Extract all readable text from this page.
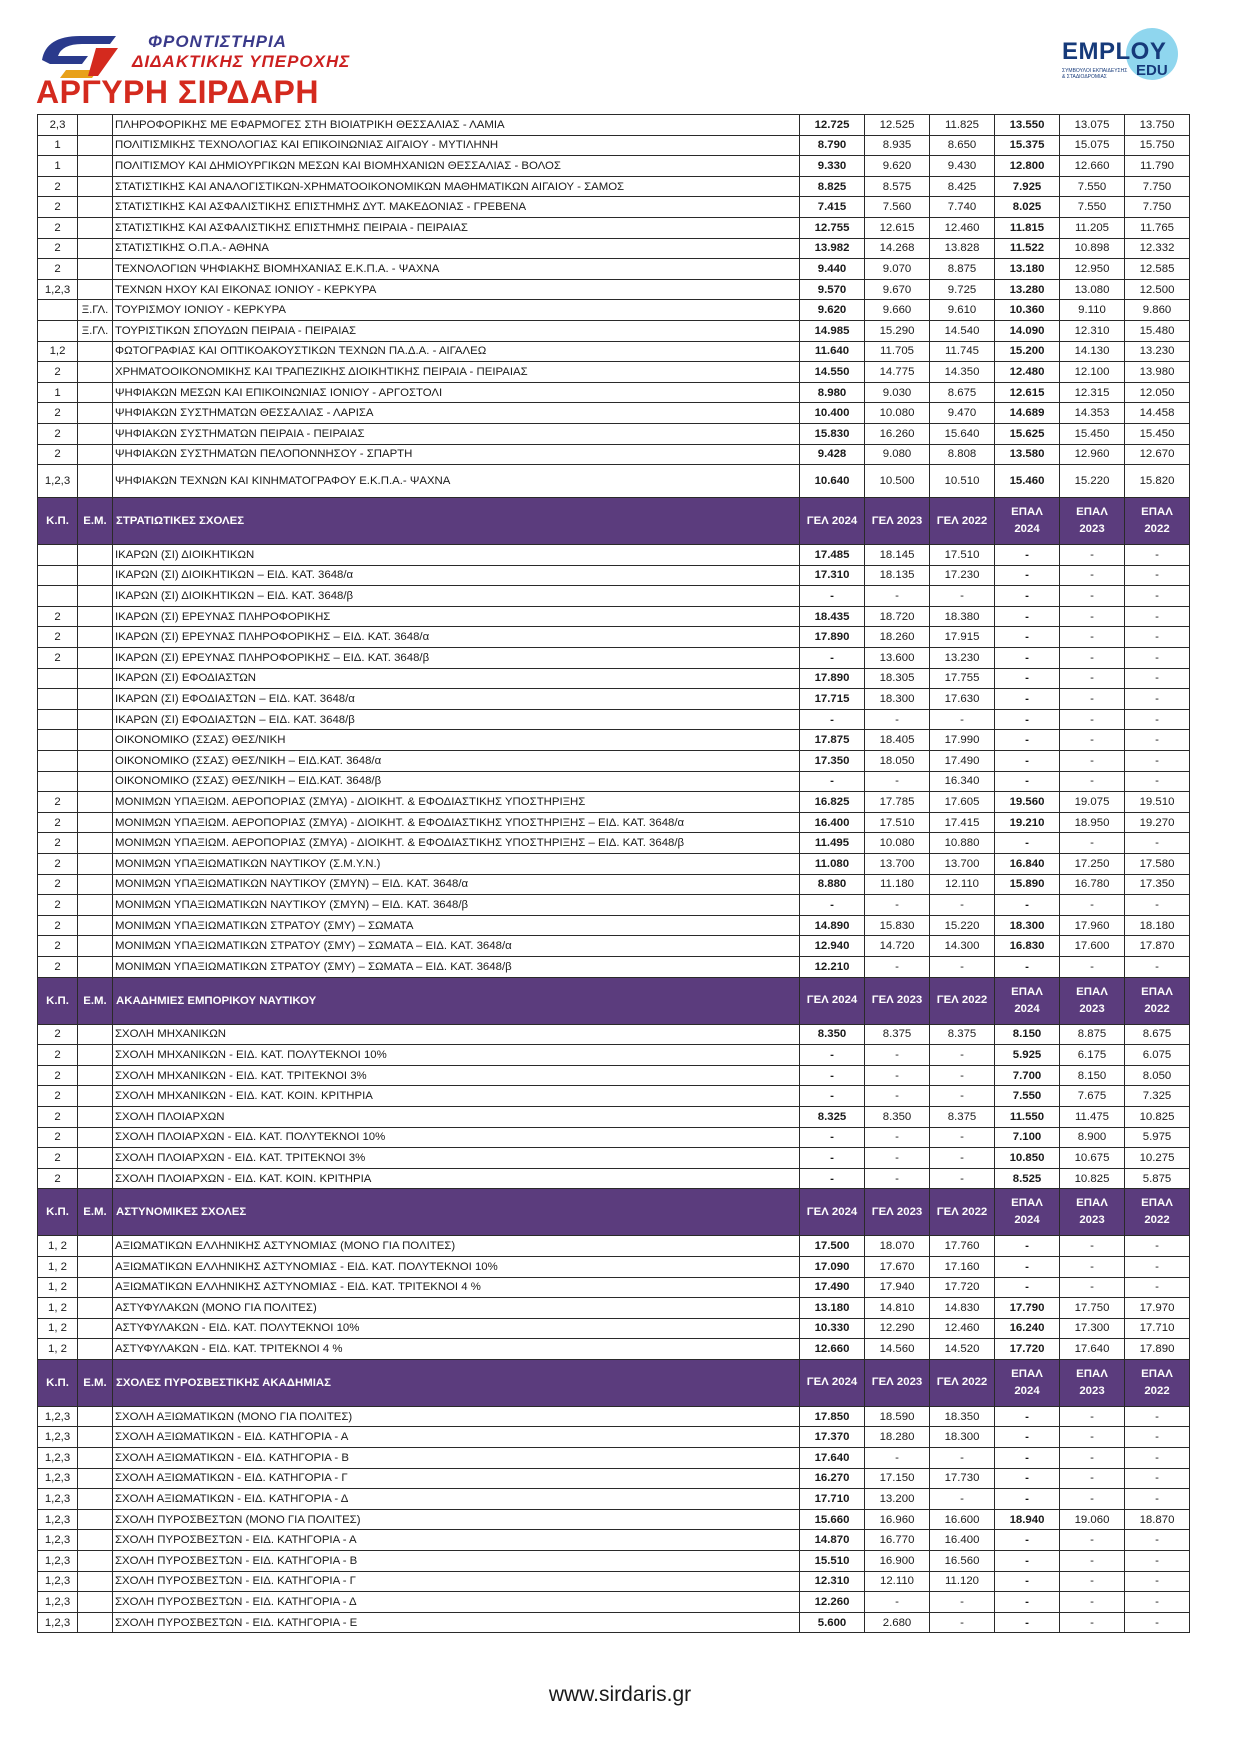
ΦΡΟΝΤΙΣΤΗΡΙΑ
ΔΙΔΑΚΤΙΚΗΣ ΥΠΕΡΟΧΗΣ
ΑΡΓΥΡΗ ΣΙΡΔΑΡΗ
EMPLOY
EDU
ΣΥΜΒΟΥΛΟΙ ΕΚΠΑΙΔΕΥΣΗΣ & ΣΤΑΔΙΟΔΡΟΜΙΑΣ
2,3		ΠΛΗΡΟΦΟΡΙΚΗΣ ΜΕ ΕΦΑΡΜΟΓΕΣ ΣΤΗ ΒΙΟΙΑΤΡΙΚΗ ΘΕΣΣΑΛΙΑΣ - ΛΑΜΙΑ	12.725	12.525	11.825	13.550	13.075	13.750
1		ΠΟΛΙΤΙΣΜΙΚΗΣ ΤΕΧΝΟΛΟΓΙΑΣ ΚΑΙ ΕΠΙΚΟΙΝΩΝΙΑΣ ΑΙΓΑΙΟΥ - ΜΥΤΙΛΗΝΗ	8.790	8.935	8.650	15.375	15.075	15.750
1		ΠΟΛΙΤΙΣΜΟΥ ΚΑΙ ΔΗΜΙΟΥΡΓΙΚΩΝ ΜΕΣΩΝ ΚΑΙ ΒΙΟΜΗΧΑΝΙΩΝ ΘΕΣΣΑΛΙΑΣ - ΒΟΛΟΣ	9.330	9.620	9.430	12.800	12.660	11.790
2		ΣΤΑΤΙΣΤΙΚΗΣ ΚΑΙ ΑΝΑΛΟΓΙΣΤΙΚΩΝ-ΧΡΗΜΑΤΟΟΙΚΟΝΟΜΙΚΩΝ ΜΑΘΗΜΑΤΙΚΩΝ ΑΙΓΑΙΟΥ - ΣΑΜΟΣ	8.825	8.575	8.425	7.925	7.550	7.750
2		ΣΤΑΤΙΣΤΙΚΗΣ ΚΑΙ ΑΣΦΑΛΙΣΤΙΚΗΣ ΕΠΙΣΤΗΜΗΣ ΔΥΤ. ΜΑΚΕΔΟΝΙΑΣ - ΓΡΕΒΕΝΑ	7.415	7.560	7.740	8.025	7.550	7.750
2		ΣΤΑΤΙΣΤΙΚΗΣ ΚΑΙ ΑΣΦΑΛΙΣΤΙΚΗΣ ΕΠΙΣΤΗΜΗΣ ΠΕΙΡΑΙΑ - ΠΕΙΡΑΙΑΣ	12.755	12.615	12.460	11.815	11.205	11.765
2		ΣΤΑΤΙΣΤΙΚΗΣ Ο.Π.Α.- ΑΘΗΝΑ	13.982	14.268	13.828	11.522	10.898	12.332
2		ΤΕΧΝΟΛΟΓΙΩΝ ΨΗΦΙΑΚΗΣ ΒΙΟΜΗΧΑΝΙΑΣ Ε.Κ.Π.Α. - ΨΑΧΝΑ	9.440	9.070	8.875	13.180	12.950	12.585
1,2,3		ΤΕΧΝΩΝ ΗΧΟΥ ΚΑΙ ΕΙΚΟΝΑΣ ΙΟΝΙΟΥ - ΚΕΡΚΥΡΑ	9.570	9.670	9.725	13.280	13.080	12.500
	Ξ.ΓΛ.	ΤΟΥΡΙΣΜΟΥ ΙΟΝΙΟΥ - ΚΕΡΚΥΡΑ	9.620	9.660	9.610	10.360	9.110	9.860
	Ξ.ΓΛ.	ΤΟΥΡΙΣΤΙΚΩΝ ΣΠΟΥΔΩΝ ΠΕΙΡΑΙΑ - ΠΕΙΡΑΙΑΣ	14.985	15.290	14.540	14.090	12.310	15.480
1,2		ΦΩΤΟΓΡΑΦΙΑΣ ΚΑΙ ΟΠΤΙΚΟΑΚΟΥΣΤΙΚΩΝ ΤΕΧΝΩΝ ΠΑ.Δ.Α. - ΑΙΓΑΛΕΩ	11.640	11.705	11.745	15.200	14.130	13.230
2		ΧΡΗΜΑΤΟΟΙΚΟΝΟΜΙΚΗΣ ΚΑΙ ΤΡΑΠΕΖΙΚΗΣ ΔΙΟΙΚΗΤΙΚΗΣ ΠΕΙΡΑΙΑ - ΠΕΙΡΑΙΑΣ	14.550	14.775	14.350	12.480	12.100	13.980
1		ΨΗΦΙΑΚΩΝ ΜΕΣΩΝ ΚΑΙ ΕΠΙΚΟΙΝΩΝΙΑΣ ΙΟΝΙΟΥ - ΑΡΓΟΣΤΟΛΙ	8.980	9.030	8.675	12.615	12.315	12.050
2		ΨΗΦΙΑΚΩΝ ΣΥΣΤΗΜΑΤΩΝ ΘΕΣΣΑΛΙΑΣ - ΛΑΡΙΣΑ	10.400	10.080	9.470	14.689	14.353	14.458
2		ΨΗΦΙΑΚΩΝ ΣΥΣΤΗΜΑΤΩΝ ΠΕΙΡΑΙΑ - ΠΕΙΡΑΙΑΣ	15.830	16.260	15.640	15.625	15.450	15.450
2		ΨΗΦΙΑΚΩΝ ΣΥΣΤΗΜΑΤΩΝ ΠΕΛΟΠΟΝΝΗΣΟΥ - ΣΠΑΡΤΗ	9.428	9.080	8.808	13.580	12.960	12.670
1,2,3		ΨΗΦΙΑΚΩΝ ΤΕΧΝΩΝ ΚΑΙ ΚΙΝΗΜΑΤΟΓΡΑΦΟΥ Ε.Κ.Π.Α.- ΨΑΧΝΑ	10.640	10.500	10.510	15.460	15.220	15.820
Κ.Π.	Ε.Μ.	ΣΤΡΑΤΙΩΤΙΚΕΣ ΣΧΟΛΕΣ	ΓΕΛ 2024	ΓΕΛ 2023	ΓΕΛ 2022	ΕΠΑΛ 2024	ΕΠΑΛ 2023	ΕΠΑΛ 2022
		ΙΚΑΡΩΝ (ΣΙ) ΔΙΟΙΚΗΤΙΚΩΝ	17.485	18.145	17.510	-	-	-
		ΙΚΑΡΩΝ (ΣΙ) ΔΙΟΙΚΗΤΙΚΩΝ – ΕΙΔ. ΚΑΤ. 3648/α	17.310	18.135	17.230	-	-	-
		ΙΚΑΡΩΝ (ΣΙ) ΔΙΟΙΚΗΤΙΚΩΝ – ΕΙΔ. ΚΑΤ. 3648/β	-	-	-	-	-	-
2		ΙΚΑΡΩΝ (ΣΙ) ΕΡΕΥΝΑΣ ΠΛΗΡΟΦΟΡΙΚΗΣ	18.435	18.720	18.380	-	-	-
2		ΙΚΑΡΩΝ (ΣΙ) ΕΡΕΥΝΑΣ ΠΛΗΡΟΦΟΡΙΚΗΣ – ΕΙΔ. ΚΑΤ. 3648/α	17.890	18.260	17.915	-	-	-
2		ΙΚΑΡΩΝ (ΣΙ) ΕΡΕΥΝΑΣ ΠΛΗΡΟΦΟΡΙΚΗΣ – ΕΙΔ. ΚΑΤ. 3648/β	-	13.600	13.230	-	-	-
		ΙΚΑΡΩΝ (ΣΙ) ΕΦΟΔΙΑΣΤΩΝ	17.890	18.305	17.755	-	-	-
		ΙΚΑΡΩΝ (ΣΙ) ΕΦΟΔΙΑΣΤΩΝ – ΕΙΔ. ΚΑΤ. 3648/α	17.715	18.300	17.630	-	-	-
		ΙΚΑΡΩΝ (ΣΙ) ΕΦΟΔΙΑΣΤΩΝ – ΕΙΔ. ΚΑΤ. 3648/β	-	-	-	-	-	-
		ΟΙΚΟΝΟΜΙΚΟ (ΣΣΑΣ) ΘΕΣ/ΝΙΚΗ	17.875	18.405	17.990	-	-	-
		ΟΙΚΟΝΟΜΙΚΟ (ΣΣΑΣ) ΘΕΣ/ΝΙΚΗ – ΕΙΔ.ΚΑΤ. 3648/α	17.350	18.050	17.490	-	-	-
		ΟΙΚΟΝΟΜΙΚΟ (ΣΣΑΣ) ΘΕΣ/ΝΙΚΗ – ΕΙΔ.ΚΑΤ. 3648/β	-	-	16.340	-	-	-
2		ΜΟΝΙΜΩΝ ΥΠΑΞΙΩΜ. ΑΕΡΟΠΟΡΙΑΣ (ΣΜΥΑ) - ΔΙΟΙΚΗΤ. & ΕΦΟΔΙΑΣΤΙΚΗΣ ΥΠΟΣΤΗΡΙΞΗΣ	16.825	17.785	17.605	19.560	19.075	19.510
2		ΜΟΝΙΜΩΝ ΥΠΑΞΙΩΜ. ΑΕΡΟΠΟΡΙΑΣ (ΣΜΥΑ) - ΔΙΟΙΚΗΤ. & ΕΦΟΔΙΑΣΤΙΚΗΣ ΥΠΟΣΤΗΡΙΞΗΣ – ΕΙΔ. ΚΑΤ. 3648/α	16.400	17.510	17.415	19.210	18.950	19.270
2		ΜΟΝΙΜΩΝ ΥΠΑΞΙΩΜ. ΑΕΡΟΠΟΡΙΑΣ (ΣΜΥΑ) - ΔΙΟΙΚΗΤ. & ΕΦΟΔΙΑΣΤΙΚΗΣ ΥΠΟΣΤΗΡΙΞΗΣ – ΕΙΔ. ΚΑΤ. 3648/β	11.495	10.080	10.880	-	-	-
2		ΜΟΝΙΜΩΝ ΥΠΑΞΙΩΜΑΤΙΚΩΝ ΝΑΥΤΙΚΟΥ (Σ.Μ.Υ.Ν.)	11.080	13.700	13.700	16.840	17.250	17.580
2		ΜΟΝΙΜΩΝ ΥΠΑΞΙΩΜΑΤΙΚΩΝ ΝΑΥΤΙΚΟΥ (ΣΜΥΝ) – ΕΙΔ. ΚΑΤ. 3648/α	8.880	11.180	12.110	15.890	16.780	17.350
2		ΜΟΝΙΜΩΝ ΥΠΑΞΙΩΜΑΤΙΚΩΝ ΝΑΥΤΙΚΟΥ (ΣΜΥΝ) – ΕΙΔ. ΚΑΤ. 3648/β	-	-	-	-	-	-
2		ΜΟΝΙΜΩΝ ΥΠΑΞΙΩΜΑΤΙΚΩΝ ΣΤΡΑΤΟΥ (ΣΜΥ) – ΣΩΜΑΤΑ	14.890	15.830	15.220	18.300	17.960	18.180
2		ΜΟΝΙΜΩΝ ΥΠΑΞΙΩΜΑΤΙΚΩΝ ΣΤΡΑΤΟΥ (ΣΜΥ) – ΣΩΜΑΤΑ – ΕΙΔ. ΚΑΤ. 3648/α	12.940	14.720	14.300	16.830	17.600	17.870
2		ΜΟΝΙΜΩΝ ΥΠΑΞΙΩΜΑΤΙΚΩΝ ΣΤΡΑΤΟΥ (ΣΜΥ) – ΣΩΜΑΤΑ – ΕΙΔ. ΚΑΤ. 3648/β	12.210	-	-	-	-	-
Κ.Π.	Ε.Μ.	ΑΚΑΔΗΜΙΕΣ ΕΜΠΟΡΙΚΟΥ ΝΑΥΤΙΚΟΥ	ΓΕΛ 2024	ΓΕΛ 2023	ΓΕΛ 2022	ΕΠΑΛ 2024	ΕΠΑΛ 2023	ΕΠΑΛ 2022
2		ΣΧΟΛΗ ΜΗΧΑΝΙΚΩΝ	8.350	8.375	8.375	8.150	8.875	8.675
2		ΣΧΟΛΗ ΜΗΧΑΝΙΚΩΝ - ΕΙΔ. ΚΑΤ. ΠΟΛΥΤΕΚΝΟΙ 10%	-	-	-	5.925	6.175	6.075
2		ΣΧΟΛΗ ΜΗΧΑΝΙΚΩΝ - ΕΙΔ. ΚΑΤ. ΤΡΙΤΕΚΝΟΙ 3%	-	-	-	7.700	8.150	8.050
2		ΣΧΟΛΗ ΜΗΧΑΝΙΚΩΝ - ΕΙΔ. ΚΑΤ. ΚΟΙΝ. ΚΡΙΤΗΡΙΑ	-	-	-	7.550	7.675	7.325
2		ΣΧΟΛΗ ΠΛΟΙΑΡΧΩΝ	8.325	8.350	8.375	11.550	11.475	10.825
2		ΣΧΟΛΗ ΠΛΟΙΑΡΧΩΝ - ΕΙΔ. ΚΑΤ. ΠΟΛΥΤΕΚΝΟΙ 10%	-	-	-	7.100	8.900	5.975
2		ΣΧΟΛΗ ΠΛΟΙΑΡΧΩΝ - ΕΙΔ. ΚΑΤ. ΤΡΙΤΕΚΝΟΙ 3%	-	-	-	10.850	10.675	10.275
2		ΣΧΟΛΗ ΠΛΟΙΑΡΧΩΝ - ΕΙΔ. ΚΑΤ. ΚΟΙΝ. ΚΡΙΤΗΡΙΑ	-	-	-	8.525	10.825	5.875
Κ.Π.	Ε.Μ.	ΑΣΤΥΝΟΜΙΚΕΣ ΣΧΟΛΕΣ	ΓΕΛ 2024	ΓΕΛ 2023	ΓΕΛ 2022	ΕΠΑΛ 2024	ΕΠΑΛ 2023	ΕΠΑΛ 2022
1, 2		ΑΞΙΩΜΑΤΙΚΩΝ ΕΛΛΗΝΙΚΗΣ ΑΣΤΥΝΟΜΙΑΣ (ΜΟΝΟ ΓΙΑ ΠΟΛΙΤΕΣ)	17.500	18.070	17.760	-	-	-
1, 2		ΑΞΙΩΜΑΤΙΚΩΝ ΕΛΛΗΝΙΚΗΣ ΑΣΤΥΝΟΜΙΑΣ - ΕΙΔ. ΚΑΤ. ΠΟΛΥΤΕΚΝΟΙ 10%	17.090	17.670	17.160	-	-	-
1, 2		ΑΞΙΩΜΑΤΙΚΩΝ ΕΛΛΗΝΙΚΗΣ ΑΣΤΥΝΟΜΙΑΣ - ΕΙΔ. ΚΑΤ. ΤΡΙΤΕΚΝΟΙ 4 %	17.490	17.940	17.720	-	-	-
1, 2		ΑΣΤΥΦΥΛΑΚΩΝ (ΜΟΝΟ ΓΙΑ ΠΟΛΙΤΕΣ)	13.180	14.810	14.830	17.790	17.750	17.970
1, 2		ΑΣΤΥΦΥΛΑΚΩΝ - ΕΙΔ. ΚΑΤ. ΠΟΛΥΤΕΚΝΟΙ 10%	10.330	12.290	12.460	16.240	17.300	17.710
1, 2		ΑΣΤΥΦΥΛΑΚΩΝ - ΕΙΔ. ΚΑΤ. ΤΡΙΤΕΚΝΟΙ 4 %	12.660	14.560	14.520	17.720	17.640	17.890
Κ.Π.	Ε.Μ.	ΣΧΟΛΕΣ ΠΥΡΟΣΒΕΣΤΙΚΗΣ ΑΚΑΔΗΜΙΑΣ	ΓΕΛ 2024	ΓΕΛ 2023	ΓΕΛ 2022	ΕΠΑΛ 2024	ΕΠΑΛ 2023	ΕΠΑΛ 2022
1,2,3		ΣΧΟΛΗ ΑΞΙΩΜΑΤΙΚΩΝ (ΜΟΝΟ ΓΙΑ ΠΟΛΙΤΕΣ)	17.850	18.590	18.350	-	-	-
1,2,3		ΣΧΟΛΗ ΑΞΙΩΜΑΤΙΚΩΝ - ΕΙΔ. ΚΑΤΗΓΟΡΙΑ - Α	17.370	18.280	18.300	-	-	-
1,2,3		ΣΧΟΛΗ ΑΞΙΩΜΑΤΙΚΩΝ - ΕΙΔ. ΚΑΤΗΓΟΡΙΑ - Β	17.640	-	-	-	-	-
1,2,3		ΣΧΟΛΗ ΑΞΙΩΜΑΤΙΚΩΝ - ΕΙΔ. ΚΑΤΗΓΟΡΙΑ - Γ	16.270	17.150	17.730	-	-	-
1,2,3		ΣΧΟΛΗ ΑΞΙΩΜΑΤΙΚΩΝ - ΕΙΔ. ΚΑΤΗΓΟΡΙΑ - Δ	17.710	13.200	-	-	-	-
1,2,3		ΣΧΟΛΗ ΠΥΡΟΣΒΕΣΤΩΝ (ΜΟΝΟ ΓΙΑ ΠΟΛΙΤΕΣ)	15.660	16.960	16.600	18.940	19.060	18.870
1,2,3		ΣΧΟΛΗ ΠΥΡΟΣΒΕΣΤΩΝ - ΕΙΔ. ΚΑΤΗΓΟΡΙΑ - Α	14.870	16.770	16.400	-	-	-
1,2,3		ΣΧΟΛΗ ΠΥΡΟΣΒΕΣΤΩΝ - ΕΙΔ. ΚΑΤΗΓΟΡΙΑ - Β	15.510	16.900	16.560	-	-	-
1,2,3		ΣΧΟΛΗ ΠΥΡΟΣΒΕΣΤΩΝ - ΕΙΔ. ΚΑΤΗΓΟΡΙΑ - Γ	12.310	12.110	11.120	-	-	-
1,2,3		ΣΧΟΛΗ ΠΥΡΟΣΒΕΣΤΩΝ - ΕΙΔ. ΚΑΤΗΓΟΡΙΑ - Δ	12.260	-	-	-	-	-
1,2,3		ΣΧΟΛΗ ΠΥΡΟΣΒΕΣΤΩΝ - ΕΙΔ. ΚΑΤΗΓΟΡΙΑ - Ε	5.600	2.680	-	-	-	-
www.sirdaris.gr
